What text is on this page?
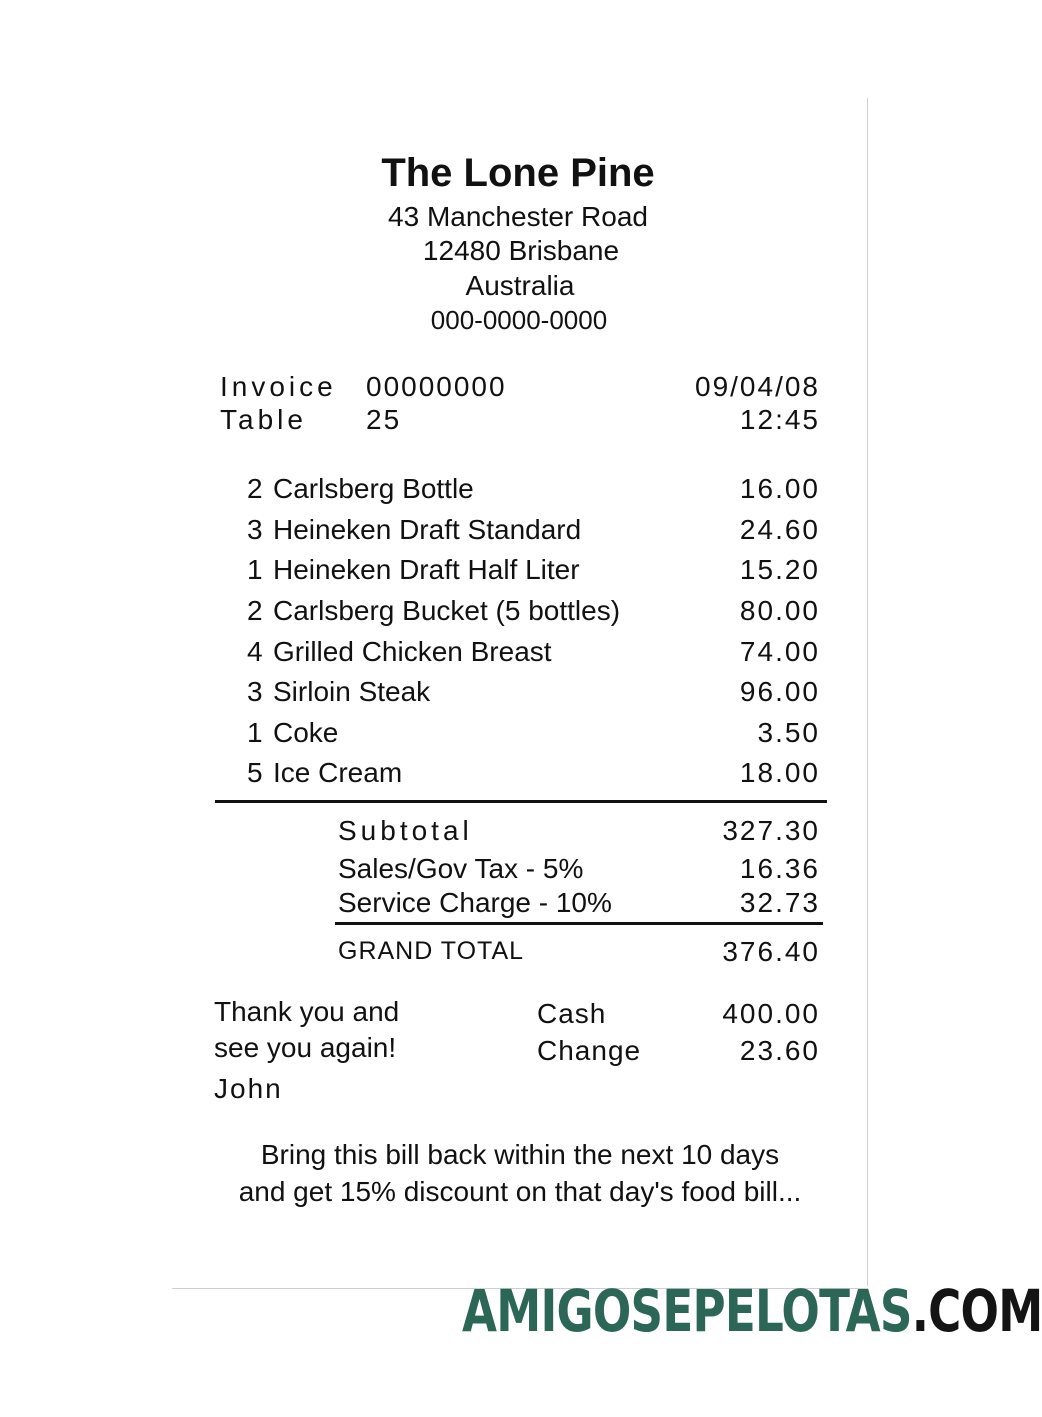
The Lone Pine
43 Manchester Road
12480 Brisbane
Australia
000-0000-0000
Invoice 00000000	09/04/08
Table 25	12:45
2 Carlsberg Bottle	16.00
3 Heineken Draft Standard	24.60
1 Heineken Draft Half Liter	15.20
2 Carlsberg Bucket (5 bottles)	80.00
4 Grilled Chicken Breast	74.00
3 Sirloin Steak	96.00
1 Coke	3.50
5 Ice Cream	18.00
Subtotal	327.30
Sales/Gov Tax - 5%	16.36
Service Charge - 10%	32.73
GRAND TOTAL	376.40
Thank you and
see you again!
John
Cash	400.00
Change	23.60
Bring this bill back within the next 10 days
and get 15% discount on that day's food bill...
AMIGOSEPELOTAS.COM
